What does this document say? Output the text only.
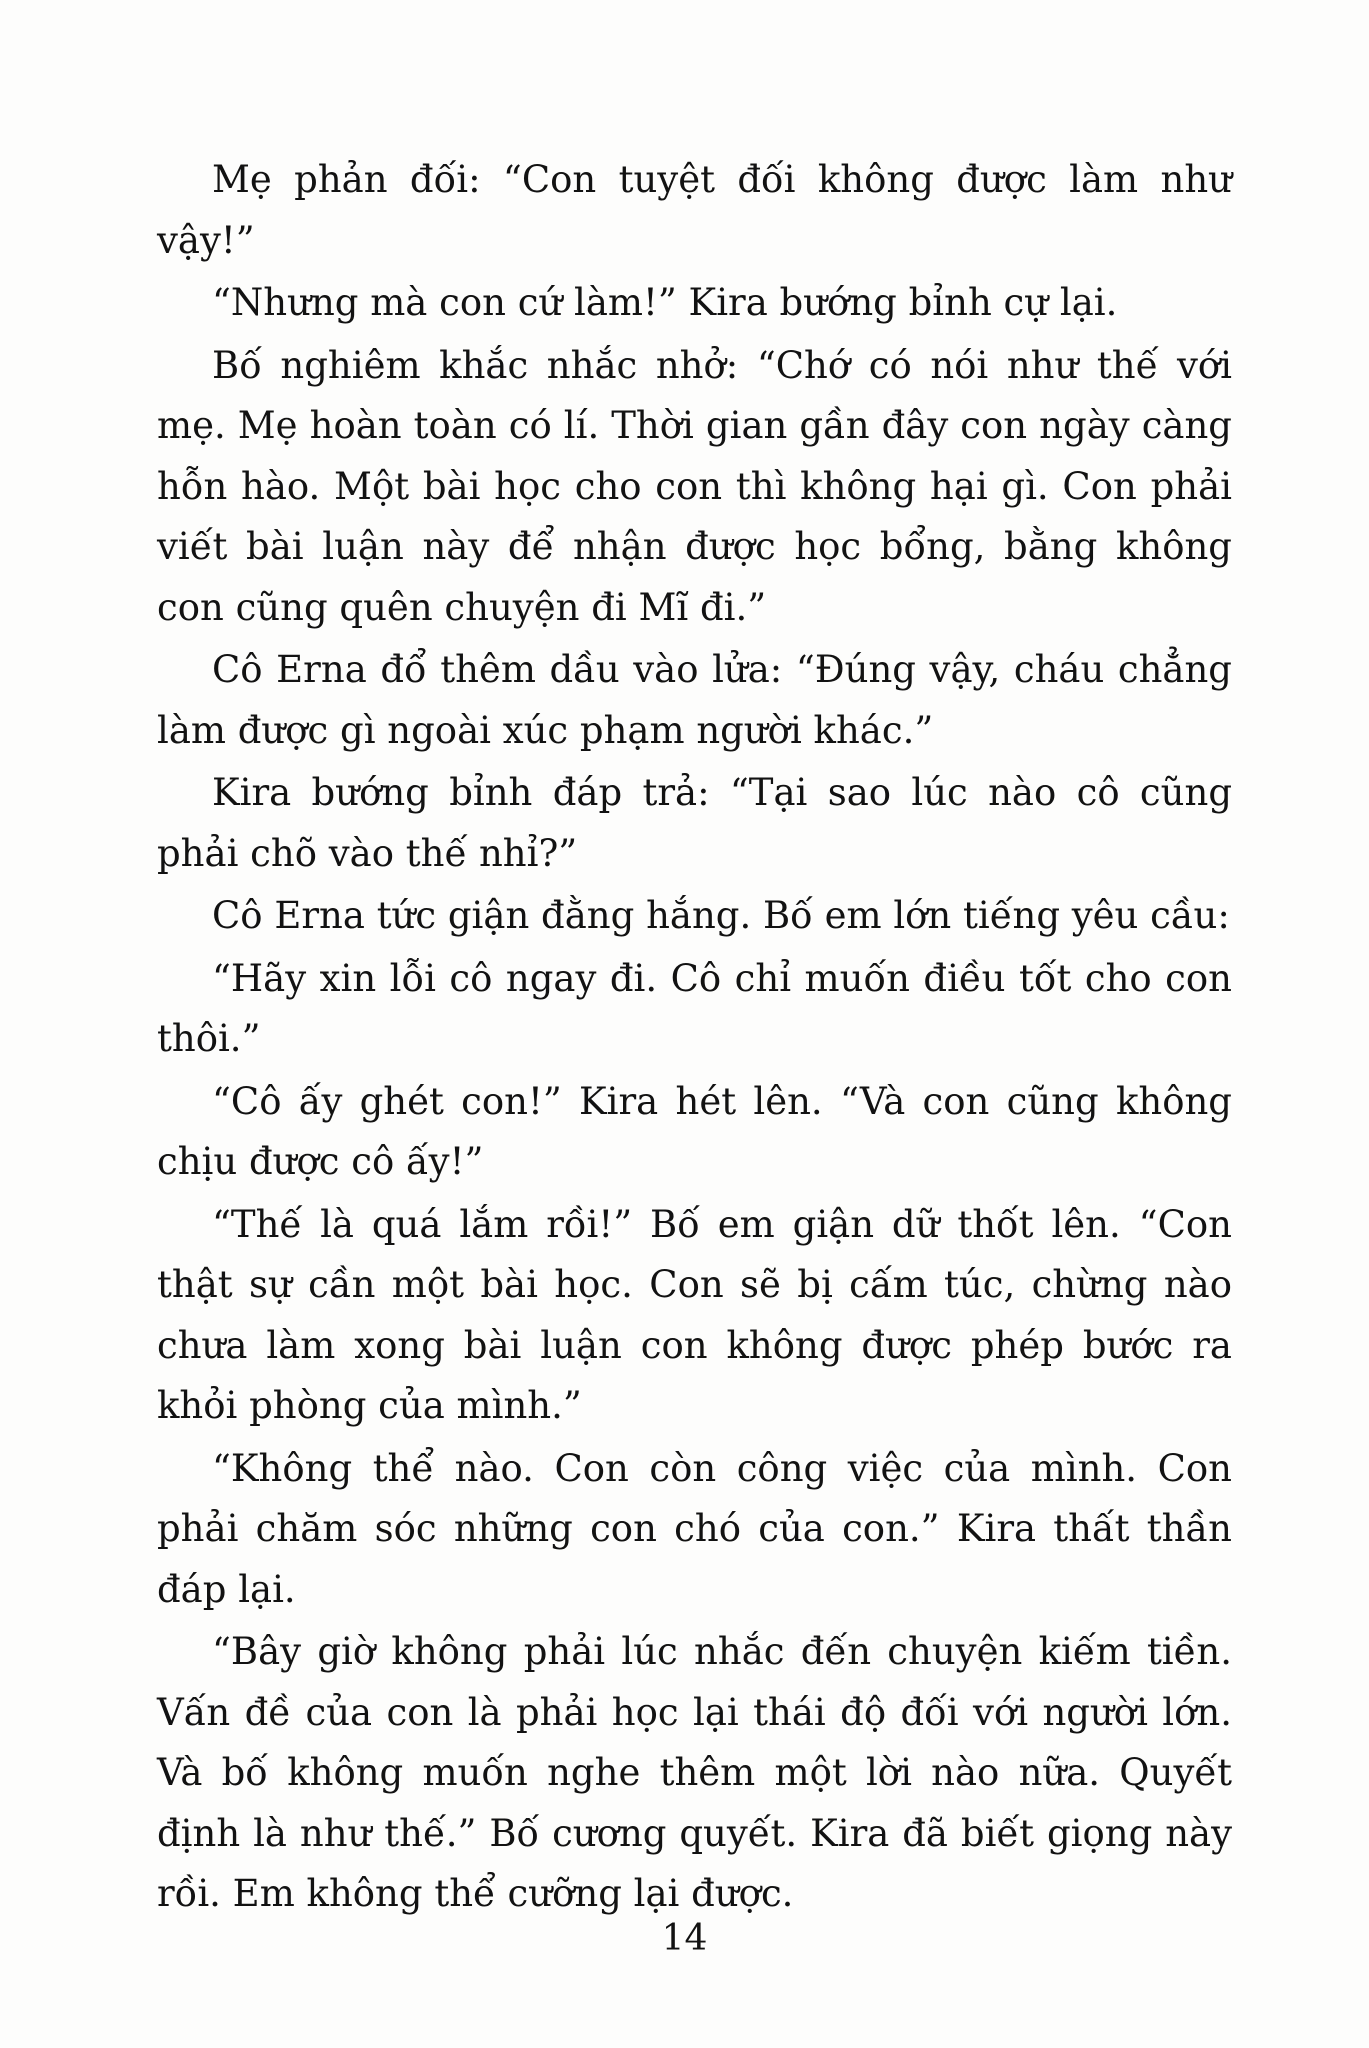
Mẹ phản đối: “Con tuyệt đối không được làm như vậy!”

“Nhưng mà con cứ làm!” Kira bướng bỉnh cự lại.

Bố nghiêm khắc nhắc nhở: “Chớ có nói như thế với mẹ. Mẹ hoàn toàn có lí. Thời gian gần đây con ngày càng hỗn hào. Một bài học cho con thì không hại gì. Con phải viết bài luận này để nhận được học bổng, bằng không con cũng quên chuyện đi Mĩ đi.”

Cô Erna đổ thêm dầu vào lửa: “Đúng vậy, cháu chẳng làm được gì ngoài xúc phạm người khác.”

Kira bướng bỉnh đáp trả: “Tại sao lúc nào cô cũng phải chõ vào thế nhỉ?”

Cô Erna tức giận đằng hắng. Bố em lớn tiếng yêu cầu:

“Hãy xin lỗi cô ngay đi. Cô chỉ muốn điều tốt cho con thôi.”

“Cô ấy ghét con!” Kira hét lên. “Và con cũng không chịu được cô ấy!”

“Thế là quá lắm rồi!” Bố em giận dữ thốt lên. “Con thật sự cần một bài học. Con sẽ bị cấm túc, chừng nào chưa làm xong bài luận con không được phép bước ra khỏi phòng của mình.”

“Không thể nào. Con còn công việc của mình. Con phải chăm sóc những con chó của con.” Kira thất thần đáp lại.

“Bây giờ không phải lúc nhắc đến chuyện kiếm tiền. Vấn đề của con là phải học lại thái độ đối với người lớn. Và bố không muốn nghe thêm một lời nào nữa. Quyết định là như thế.” Bố cương quyết. Kira đã biết giọng này rồi. Em không thể cưỡng lại được.

14
